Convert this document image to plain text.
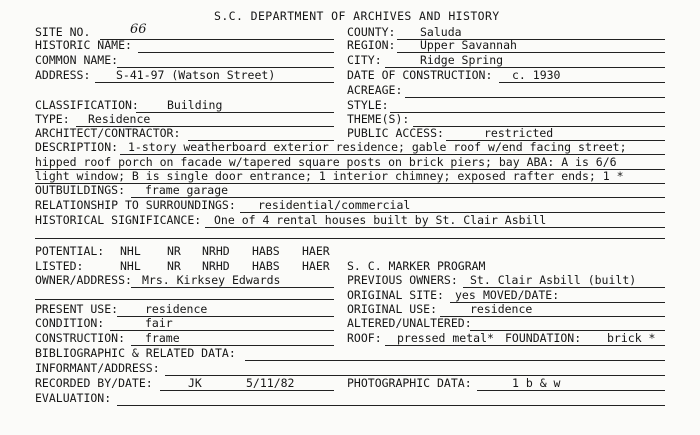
S.C. DEPARTMENT OF ARCHIVES AND HISTORY
SITE NO.	66
HISTORIC NAME:
COMMON NAME:
ADDRESS: S-41-97 (Watson Street)
CLASSIFICATION: Building
TYPE: Residence
ARCHITECT/CONTRACTOR:
COUNTY: Saluda
REGION: Upper Savannah
CITY:	Ridge Spring
DATE OF CONSTRUCTION: c. 1930
ACREAGE:
STYLE:
THEME(S):
PUBLIC ACCESS:	restricted
DESCRIPTION: 1-story weatherboard exterior residence; gable roof w/end facing street;
hipped roof porch on facade w/tapered square posts on brick piers; bay ABA: A is 6/6
light window; B is single door entrance; 1 interior chimney; exposed rafter ends; 1 *
OUTBUILDINGS: frame garage
RELATIONSHIP TO SURROUNDINGS: residential/commercial
HISTORICAL SIGNIFICANCE: One of 4 rental houses built by St. Clair Asbill
POTENTIAL: NHL NR NRHD HABS HAER
LISTED:	NHL NR NRHD HABS HAER S. C. MARKER PROGRAM
OWNER/ADDRESS: Mrs. Kirksey Edwards
PRESENT USE: residence
CONDITION:	fair
CONSTRUCTION: frame
PREVIOUS OWNERS: St. Clair Asbill (built)
ORIGINAL SITE: yes MOVED/DATE:
ORIGINAL USE:	residence
ALTERED/UNALTERED:
ROOF: pressed metal* FOUNDATION: brick *
BIBLIOGRAPHIC & RELATED DATA:
INFORMANT/ADDRESS:
RECORDED BY/DATE:	JK	5/11/82	PHOTOGRAPHIC DATA:	1 b & w
EVALUATION:
